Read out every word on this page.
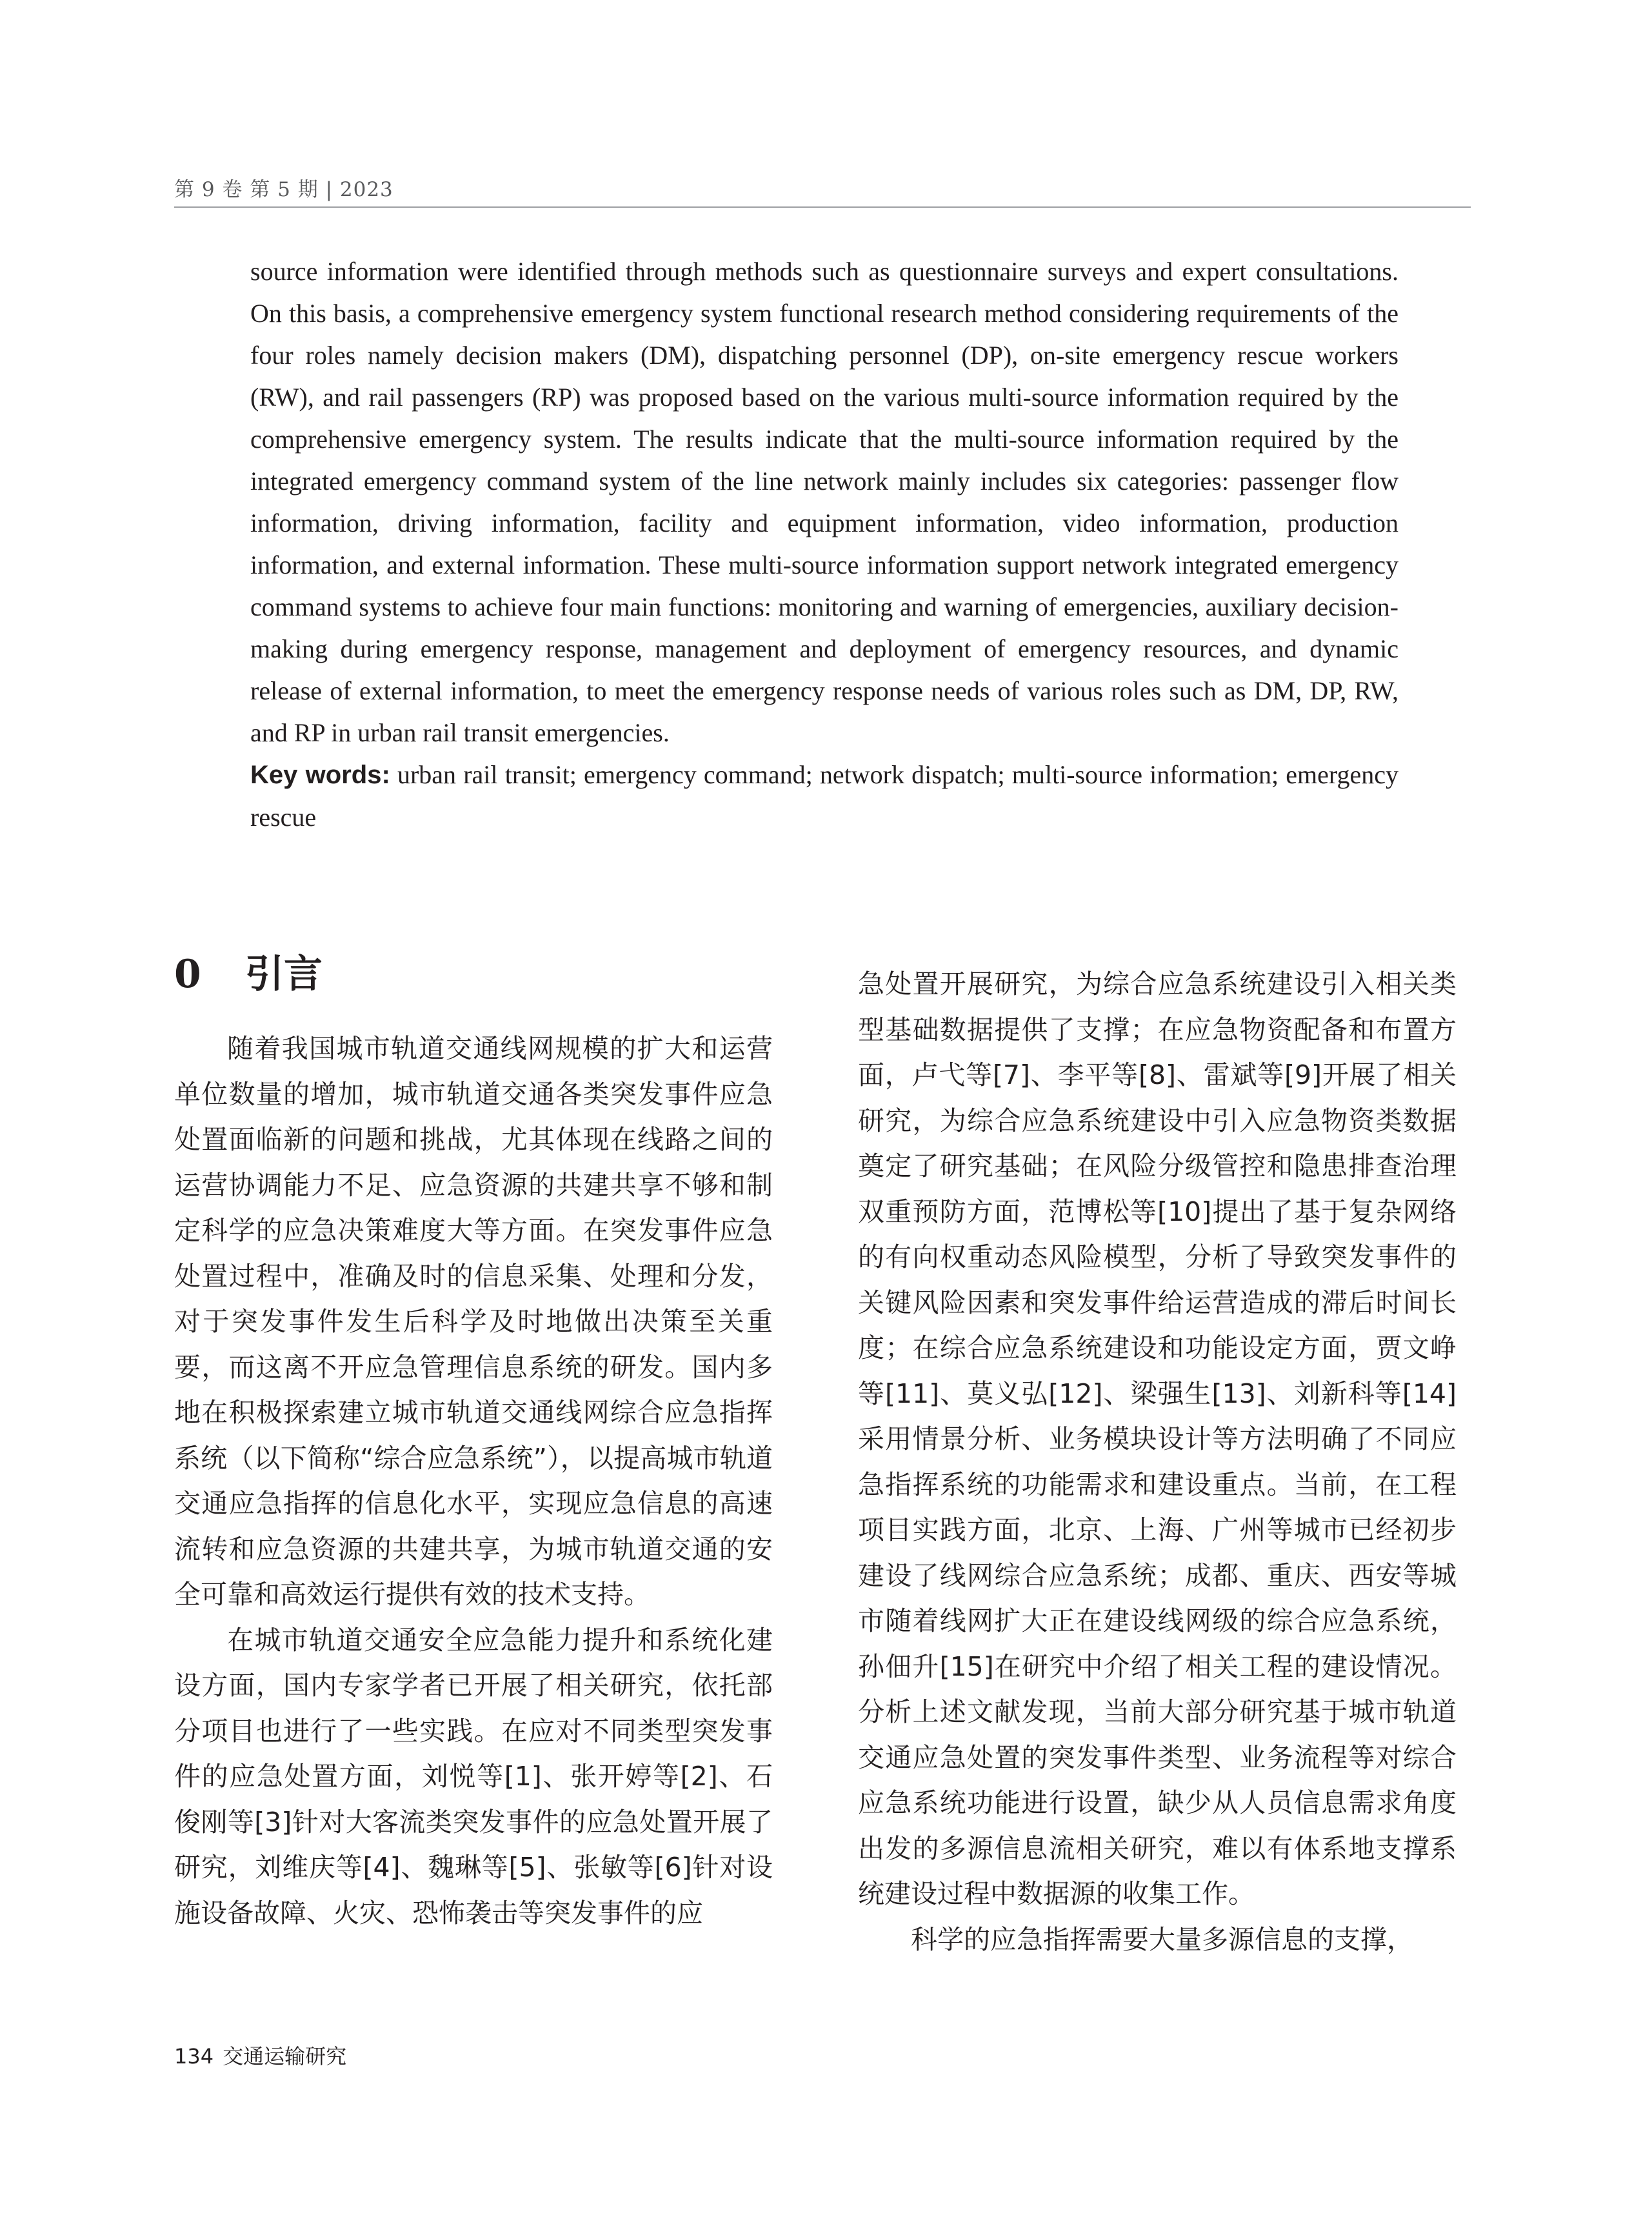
第 9 卷 第 5 期 | 2023

source information were identified through methods such as questionnaire surveys and expert consultations. On this basis, a comprehensive emergency system functional research method considering requirements of the four roles namely decision makers (DM), dispatching personnel (DP), on-site emergency rescue workers (RW), and rail passengers (RP) was proposed based on the various multi-source information required by the comprehensive emergency system. The results indicate that the multi-source information required by the integrated emergency command system of the line network mainly includes six categories: passenger flow information, driving information, facility and equipment information, video information, production information, and external information. These multi-source information support network integrated emergency command systems to achieve four main functions: monitoring and warning of emergencies, auxiliary decision-making during emergency response, management and deployment of emergency resources, and dynamic release of external information, to meet the emergency response needs of various roles such as DM, DP, RW, and RP in urban rail transit emergencies.

Key words: urban rail transit; emergency command; network dispatch; multi-source information; emergency rescue

0	引言

随着我国城市轨道交通线网规模的扩大和运营单位数量的增加，城市轨道交通各类突发事件应急处置面临新的问题和挑战，尤其体现在线路之间的运营协调能力不足、应急资源的共建共享不够和制定科学的应急决策难度大等方面。在突发事件应急处置过程中，准确及时的信息采集、处理和分发，对于突发事件发生后科学及时地做出决策至关重要，而这离不开应急管理信息系统的研发。国内多地在积极探索建立城市轨道交通线网综合应急指挥系统（以下简称“综合应急系统”），以提高城市轨道交通应急指挥的信息化水平，实现应急信息的高速流转和应急资源的共建共享，为城市轨道交通的安全可靠和高效运行提供有效的技术支持。

在城市轨道交通安全应急能力提升和系统化建设方面，国内专家学者已开展了相关研究，依托部分项目也进行了一些实践。在应对不同类型突发事件的应急处置方面，刘悦等[1]、张开婷等[2]、石俊刚等[3]针对大客流类突发事件的应急处置开展了研究，刘维庆等[4]、魏琳等[5]、张敏等[6]针对设施设备故障、火灾、恐怖袭击等突发事件的应

急处置开展研究，为综合应急系统建设引入相关类型基础数据提供了支撑；在应急物资配备和布置方面，卢弋等[7]、李平等[8]、雷斌等[9]开展了相关研究，为综合应急系统建设中引入应急物资类数据奠定了研究基础；在风险分级管控和隐患排查治理双重预防方面，范博松等[10]提出了基于复杂网络的有向权重动态风险模型，分析了导致突发事件的关键风险因素和突发事件给运营造成的滞后时间长度；在综合应急系统建设和功能设定方面，贾文峥等[11]、莫义弘[12]、梁强生[13]、刘新科等[14]采用情景分析、业务模块设计等方法明确了不同应急指挥系统的功能需求和建设重点。当前，在工程项目实践方面，北京、上海、广州等城市已经初步建设了线网综合应急系统；成都、重庆、西安等城市随着线网扩大正在建设线网级的综合应急系统，孙佃升[15]在研究中介绍了相关工程的建设情况。分析上述文献发现，当前大部分研究基于城市轨道交通应急处置的突发事件类型、业务流程等对综合应急系统功能进行设置，缺少从人员信息需求角度出发的多源信息流相关研究，难以有体系地支撑系统建设过程中数据源的收集工作。

科学的应急指挥需要大量多源信息的支撑，

134 交通运输研究
